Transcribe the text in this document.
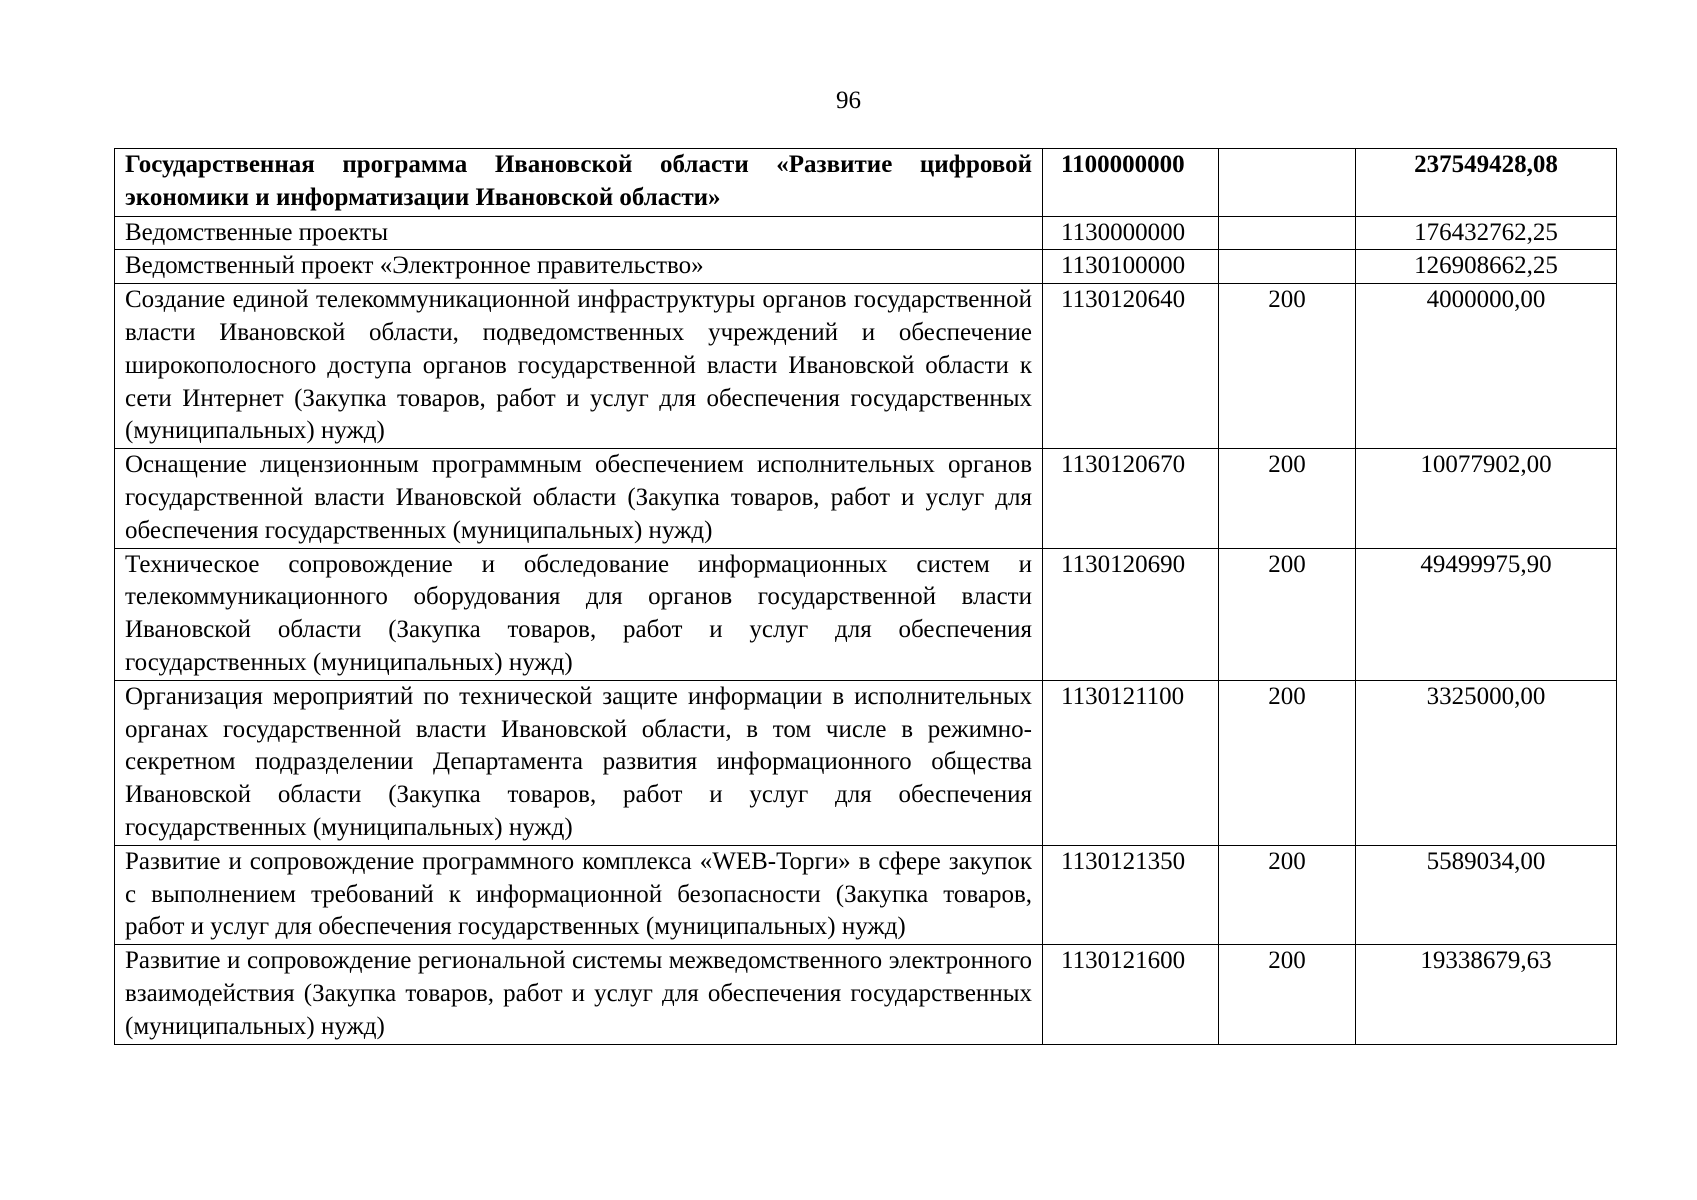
96
Государственная программа Ивановской области «Развитие цифровой экономики и информатизации Ивановской области»	1100000000		237549428,08
Ведомственные проекты	1130000000		176432762,25
Ведомственный проект «Электронное правительство»	1130100000		126908662,25
Создание единой телекоммуникационной инфраструктуры органов государственной власти Ивановской области, подведомственных учреждений и обеспечение широкополосного доступа органов государственной власти Ивановской области к сети Интернет (Закупка товаров, работ и услуг для обеспечения государственных (муниципальных) нужд)	1130120640	200	4000000,00
Оснащение лицензионным программным обеспечением исполнительных органов государственной власти Ивановской области (Закупка товаров, работ и услуг для обеспечения государственных (муниципальных) нужд)	1130120670	200	10077902,00
Техническое сопровождение и обследование информационных систем и телекоммуникационного оборудования для органов государственной власти Ивановской области (Закупка товаров, работ и услуг для обеспечения государственных (муниципальных) нужд)	1130120690	200	49499975,90
Организация мероприятий по технической защите информации в исполнительных органах государственной власти Ивановской области, в том числе в режимно-секретном подразделении Департамента развития информационного общества Ивановской области (Закупка товаров, работ и услуг для обеспечения государственных (муниципальных) нужд)	1130121100	200	3325000,00
Развитие и сопровождение программного комплекса «WEB-Торги» в сфере закупок с выполнением требований к информационной безопасности (Закупка товаров, работ и услуг для обеспечения государственных (муниципальных) нужд)	1130121350	200	5589034,00
Развитие и сопровождение региональной системы межведомственного электронного взаимодействия (Закупка товаров, работ и услуг для обеспечения государственных (муниципальных) нужд)	1130121600	200	19338679,63
